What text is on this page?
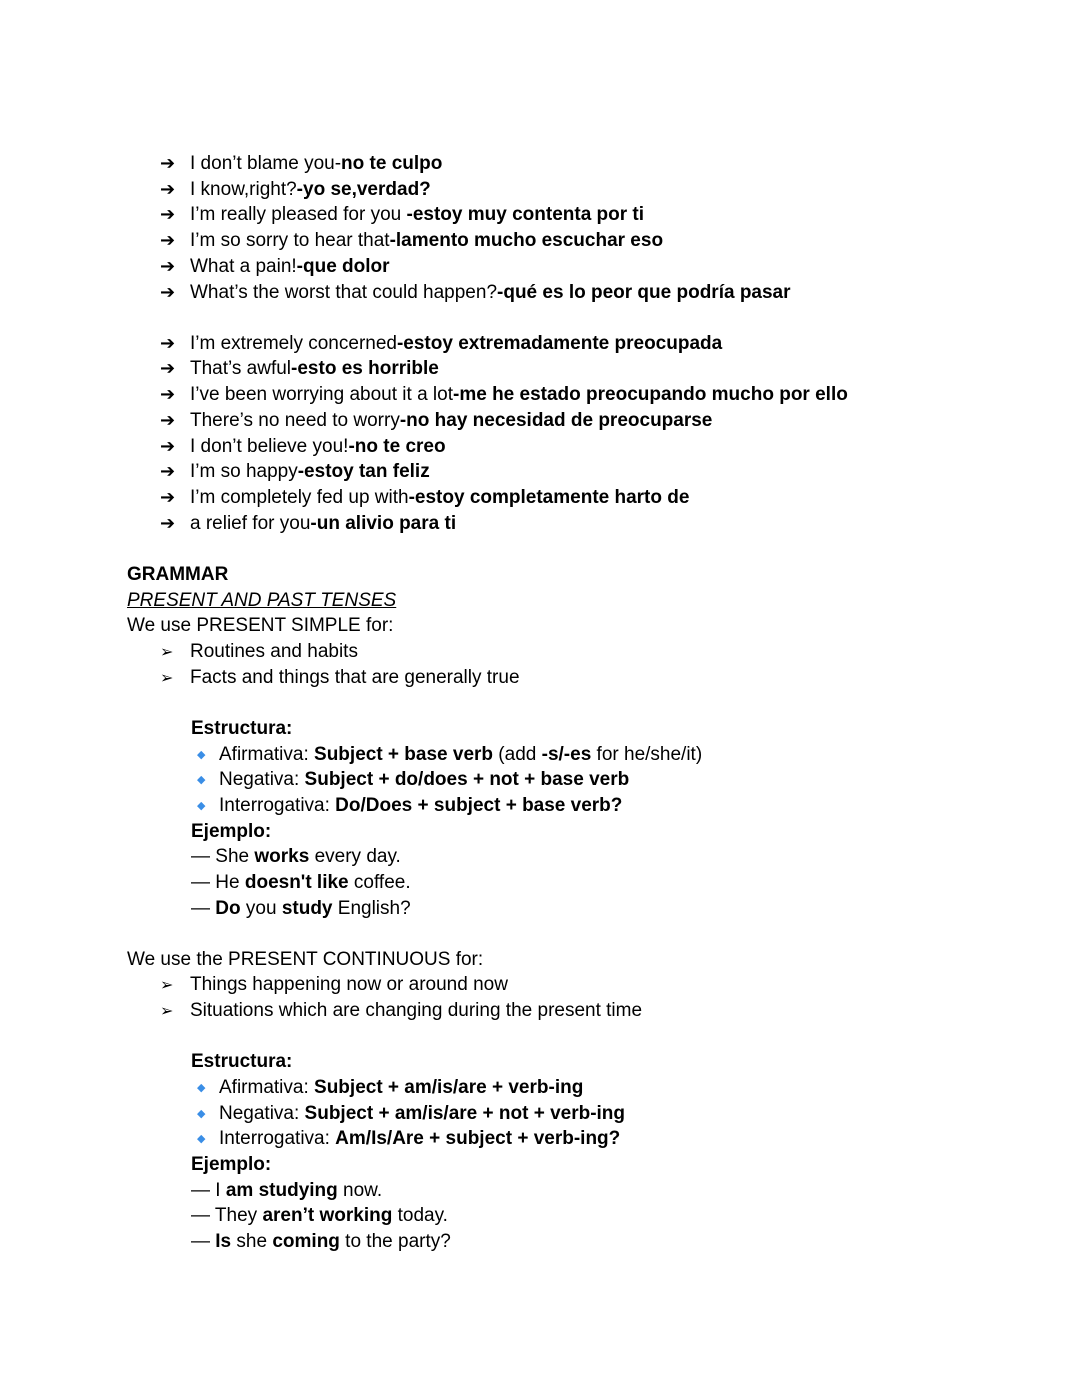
➔ I don’t blame you-no te culpo
➔ I know,right?-yo se,verdad?
➔ I’m really pleased for you -estoy muy contenta por ti
➔ I’m so sorry to hear that-lamento mucho escuchar eso
➔ What a pain!-que dolor
➔ What’s the worst that could happen?-qué es lo peor que podría pasar
➔ I’m extremely concerned-estoy extremadamente preocupada
➔ That’s awful-esto es horrible
➔ I’ve been worrying about it a lot-me he estado preocupando mucho por ello
➔ There’s no need to worry-no hay necesidad de preocuparse
➔ I don’t believe you!-no te creo
➔ I’m so happy-estoy tan feliz
➔ I’m completely fed up with-estoy completamente harto de
➔ a relief for you-un alivio para ti
GRAMMAR
PRESENT AND PAST TENSES
We use PRESENT SIMPLE for:
➢ Routines and habits
➢ Facts and things that are generally true
Estructura:
◆ Afirmativa: Subject + base verb (add -s/-es for he/she/it)
◆ Negativa: Subject + do/does + not + base verb
◆ Interrogativa: Do/Does + subject + base verb?
Ejemplo:
— She works every day.
— He doesn't like coffee.
— Do you study English?
We use the PRESENT CONTINUOUS for:
➢ Things happening now or around now
➢ Situations which are changing during the present time
Estructura:
◆ Afirmativa: Subject + am/is/are + verb-ing
◆ Negativa: Subject + am/is/are + not + verb-ing
◆ Interrogativa: Am/Is/Are + subject + verb-ing?
Ejemplo:
— I am studying now.
— They aren’t working today.
— Is she coming to the party?
